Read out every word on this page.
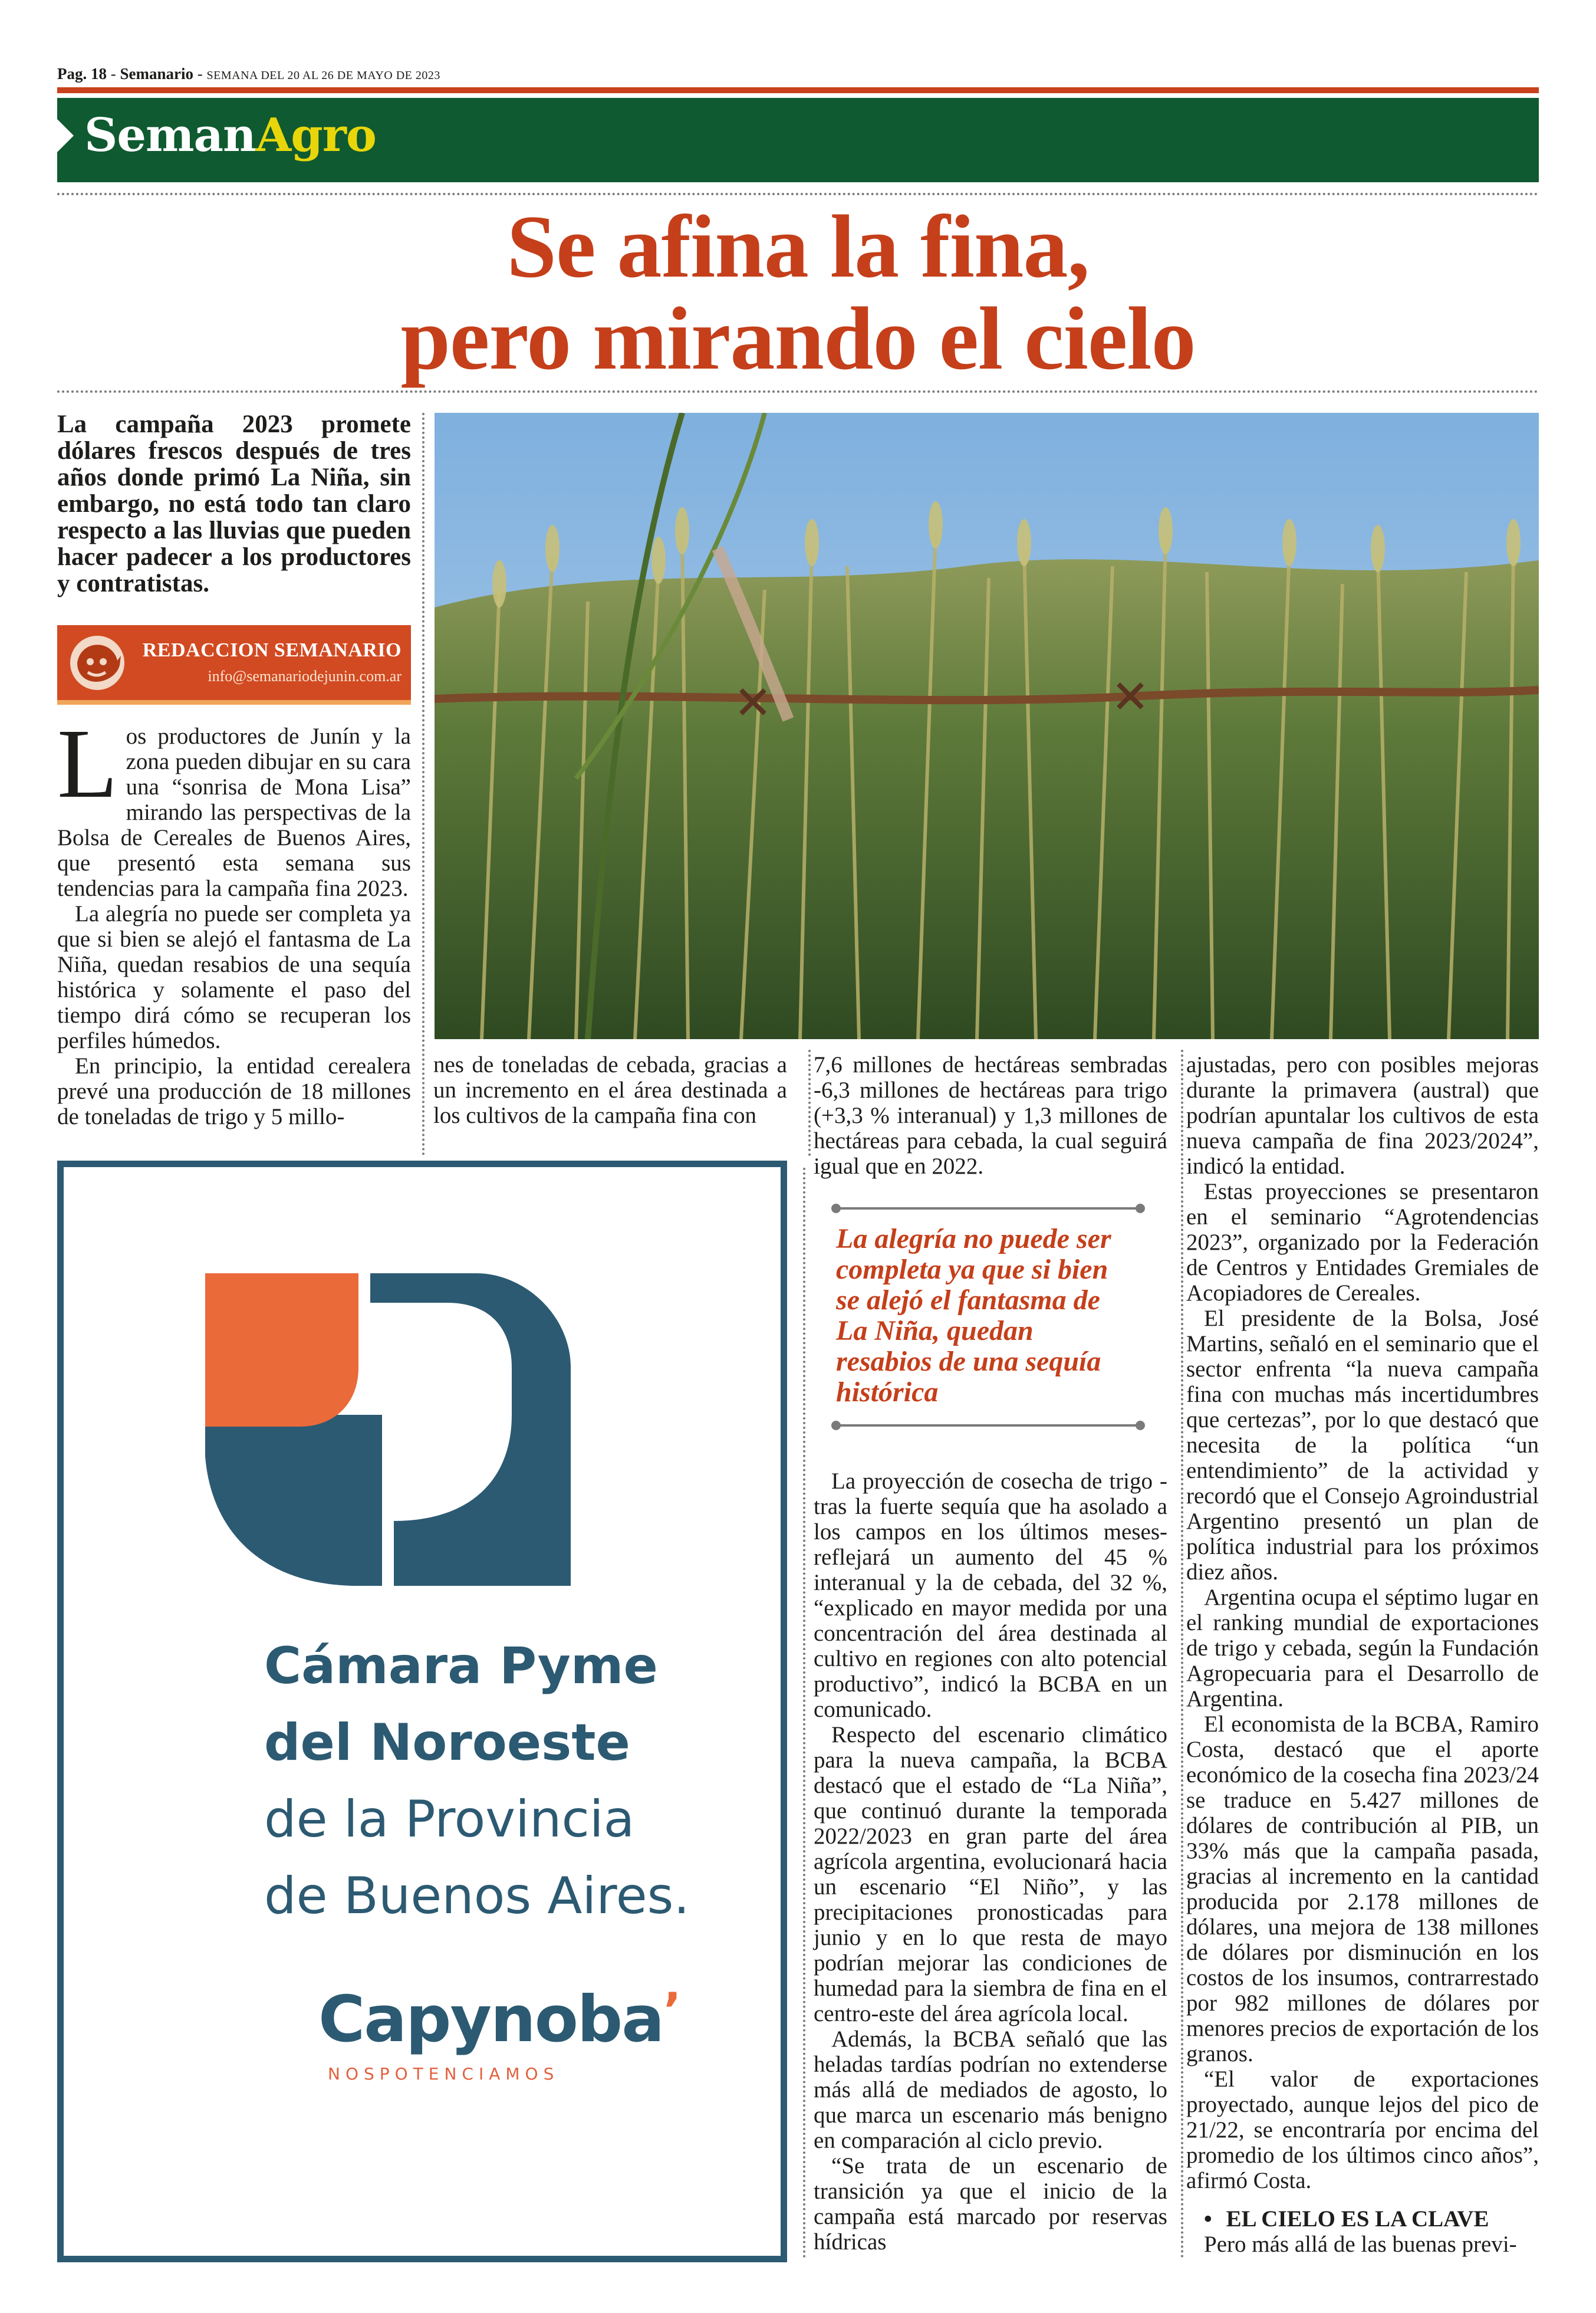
Pag. 18 - Semanario - SEMANA DEL 20 AL 26 DE MAYO DE 2023
SemanAgro
Se afina la fina,
pero mirando el cielo
La campaña 2023 promete dólares frescos después de tres años donde primó La Niña, sin embargo, no está todo tan claro respecto a las lluvias que pueden hacer padecer a los productores y contratistas.
REDACCION SEMANARIO
info@semanariodejunin.com.ar

Los productores de Junín y la zona pueden dibujar en su cara una “sonrisa de Mona Lisa” mirando las perspectivas de la Bolsa de Cereales de Buenos Aires, que presentó esta semana sus tendencias para la campaña fina 2023.

La alegría no puede ser completa ya que si bien se alejó el fantasma de La Niña, quedan resabios de una sequía histórica y solamente el paso del tiempo dirá cómo se recuperan los perfiles húmedos.

En principio, la entidad cerealera prevé una producción de 18 millones de toneladas de trigo y 5 millo-

nes de toneladas de cebada, gracias a un incremento en el área destinada a los cultivos de la campaña fina con

7,6 millones de hectáreas sembradas -6,3 millones de hectáreas para trigo (+3,3 % interanual) y 1,3 millones de hectáreas para cebada, la cual seguirá igual que en 2022.

La alegría no puede ser completa ya que si bien se alejó el fantasma de La Niña, quedan resabios de una sequía histórica

La proyección de cosecha de trigo -tras la fuerte sequía que ha asolado a los campos en los últimos meses- reflejará un aumento del 45 % interanual y la de cebada, del 32 %, “explicado en mayor medida por una concentración del área destinada al cultivo en regiones con alto potencial productivo”, indicó la BCBA en un comunicado.

Respecto del escenario climático para la nueva campaña, la BCBA destacó que el estado de “La Niña”, que continuó durante la temporada 2022/2023 en gran parte del área agrícola argentina, evolucionará hacia un escenario “El Niño”, y las precipitaciones pronosticadas para junio y en lo que resta de mayo podrían mejorar las condiciones de humedad para la siembra de fina en el centro-este del área agrícola local.

Además, la BCBA señaló que las heladas tardías podrían no extenderse más allá de mediados de agosto, lo que marca un escenario más benigno en comparación al ciclo previo.

“Se trata de un escenario de transición ya que el inicio de la campaña está marcado por reservas hídricas

ajustadas, pero con posibles mejoras durante la primavera (austral) que podrían apuntalar los cultivos de esta nueva campaña de fina 2023/2024”, indicó la entidad.

Estas proyecciones se presentaron en el seminario “Agrotendencias 2023”, organizado por la Federación de Centros y Entidades Gremiales de Acopiadores de Cereales.

El presidente de la Bolsa, José Martins, señaló en el seminario que el sector enfrenta “la nueva campaña fina con muchas más incertidumbres que certezas”, por lo que destacó que necesita de la política “un entendimiento” de la actividad y recordó que el Consejo Agroindustrial Argentino presentó un plan de política industrial para los próximos diez años.

Argentina ocupa el séptimo lugar en el ranking mundial de exportaciones de trigo y cebada, según la Fundación Agropecuaria para el Desarrollo de Argentina.

El economista de la BCBA, Ramiro Costa, destacó que el aporte económico de la cosecha fina 2023/24 se traduce en 5.427 millones de dólares de contribución al PIB, un 33% más que la campaña pasada, gracias al incremento en la cantidad producida por 2.178 millones de dólares, una mejora de 138 millones de dólares por disminución en los costos de los insumos, contrarrestado por 982 millones de dólares por menores precios de exportación de los granos.

“El valor de exportaciones proyectado, aunque lejos del pico de 21/22, se encontraría por encima del promedio de los últimos cinco años”, afirmó Costa.

• EL CIELO ES LA CLAVE

Pero más allá de las buenas previ-

Cámara Pyme
del Noroeste
de la Provincia
de Buenos Aires.
Capynoba’
NOSPOTENCIAMOS
